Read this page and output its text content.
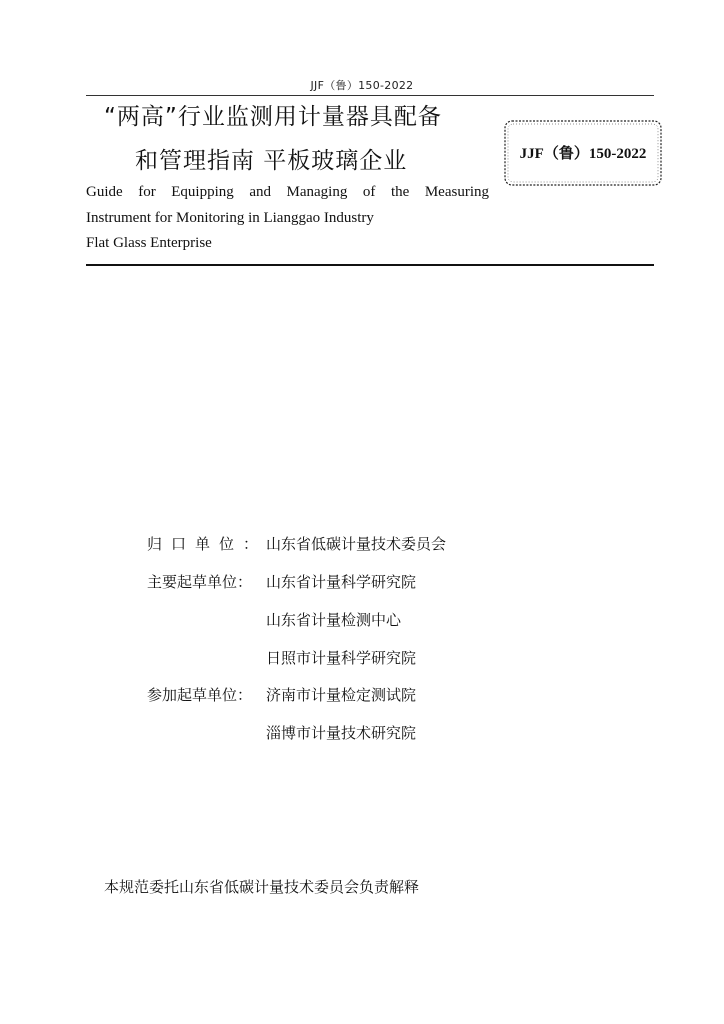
JJF（鲁）150-2022
“两高”行业监测用计量器具配备
和管理指南 平板玻璃企业	JJF（鲁）150-2022
Guide for Equipping and Managing of the Measuring
Instrument for Monitoring in Lianggao Industry
Flat Glass Enterprise
归口单位：
山东省低碳计量技术委员会
主要起草单位： 山东省计量科学研究院
山东省计量检测中心
日照市计量科学研究院
参加起草单位： 济南市计量检定测试院
淄博市计量技术研究院
本规范委托山东省低碳计量技术委员会负责解释
